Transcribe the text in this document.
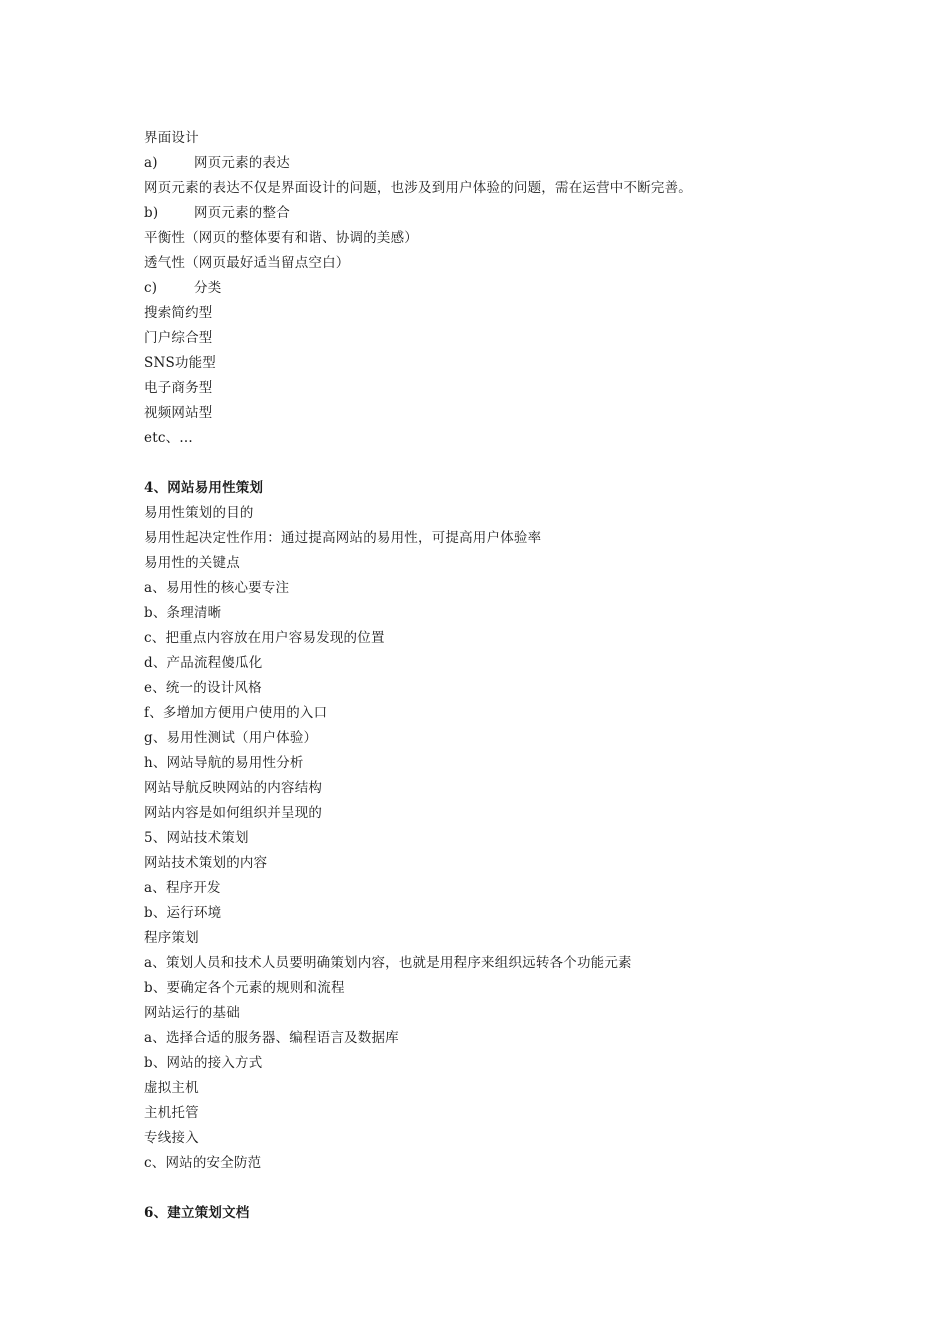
界面设计
a)	网页元素的表达
网页元素的表达不仅是界面设计的问题，也涉及到用户体验的问题，需在运营中不断完善。
b)	网页元素的整合
平衡性（网页的整体要有和谐、协调的美感）
透气性（网页最好适当留点空白）
c)	分类
搜索简约型
门户综合型
SNS功能型
电子商务型
视频网站型
etc、…
4、网站易用性策划
易用性策划的目的
易用性起决定性作用：通过提高网站的易用性，可提高用户体验率
易用性的关键点
a、易用性的核心要专注
b、条理清晰
c、把重点内容放在用户容易发现的位置
d、产品流程傻瓜化
e、统一的设计风格
f、多增加方便用户使用的入口
g、易用性测试（用户体验）
h、网站导航的易用性分析
网站导航反映网站的内容结构
网站内容是如何组织并呈现的
5、网站技术策划
网站技术策划的内容
a、程序开发
b、运行环境
程序策划
a、策划人员和技术人员要明确策划内容，也就是用程序来组织远转各个功能元素
b、要确定各个元素的规则和流程
网站运行的基础
a、选择合适的服务器、编程语言及数据库
b、网站的接入方式
虚拟主机
主机托管
专线接入
c、网站的安全防范
6、建立策划文档
